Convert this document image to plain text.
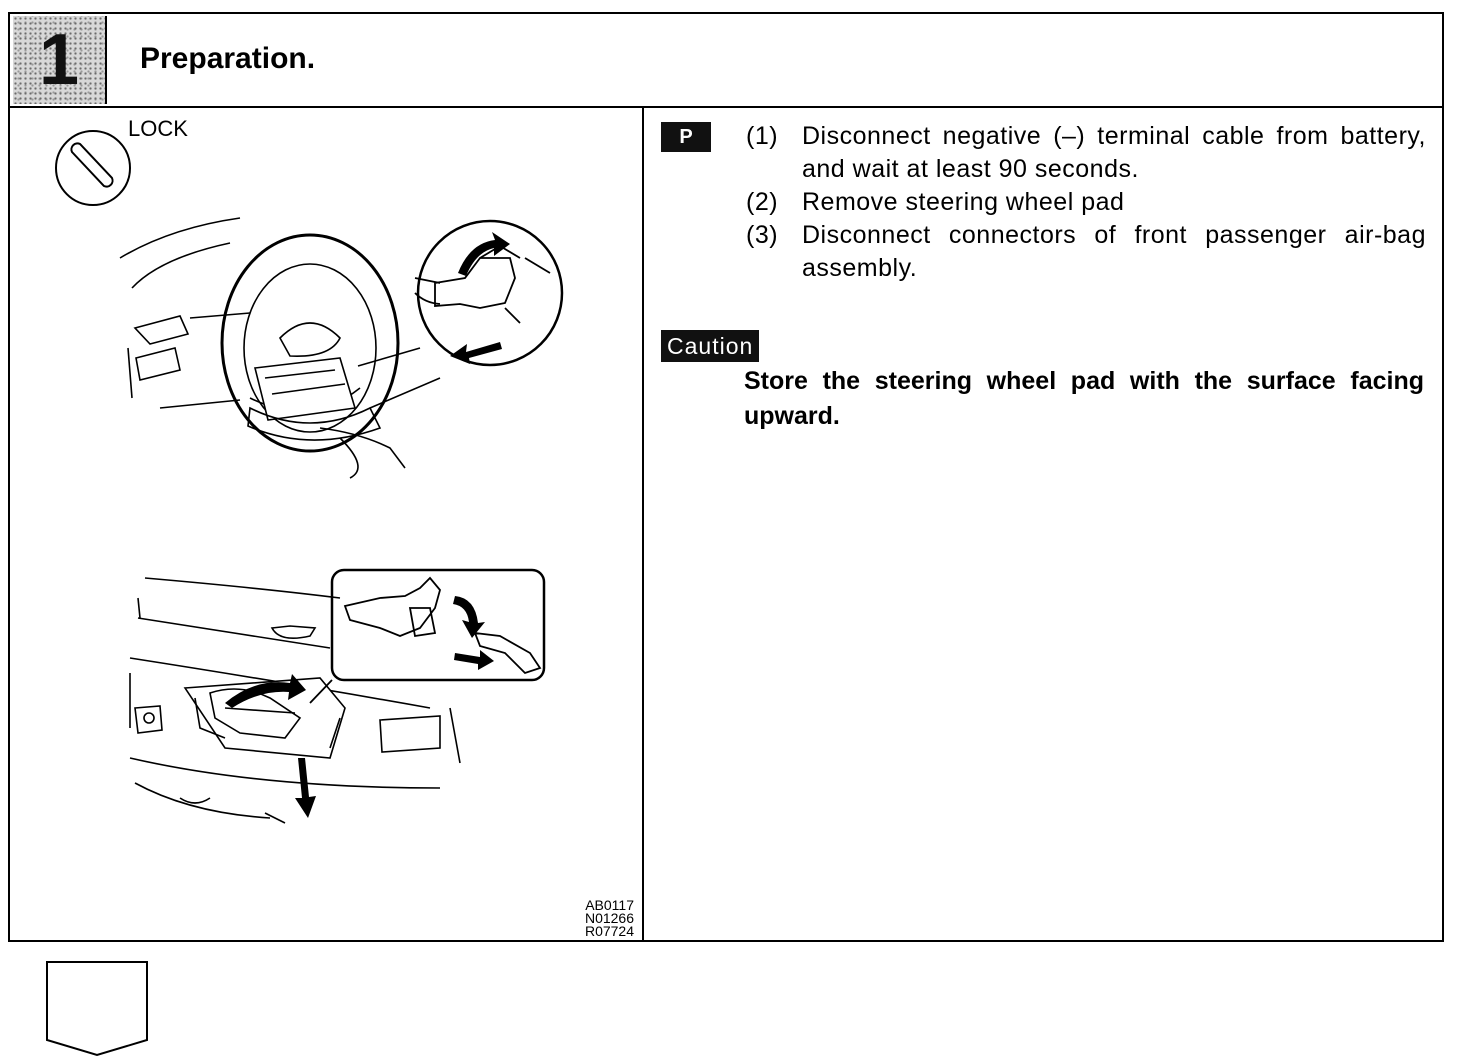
1	Preparation.
LOCK
AB0117
N01266
R07724
P	(1) Disconnect negative (–) terminal cable from battery, and wait at least 90 seconds.
(2) Remove steering wheel pad
(3) Disconnect connectors of front passenger air-bag assembly.
Caution
Store the steering wheel pad with the surface facing upward.
